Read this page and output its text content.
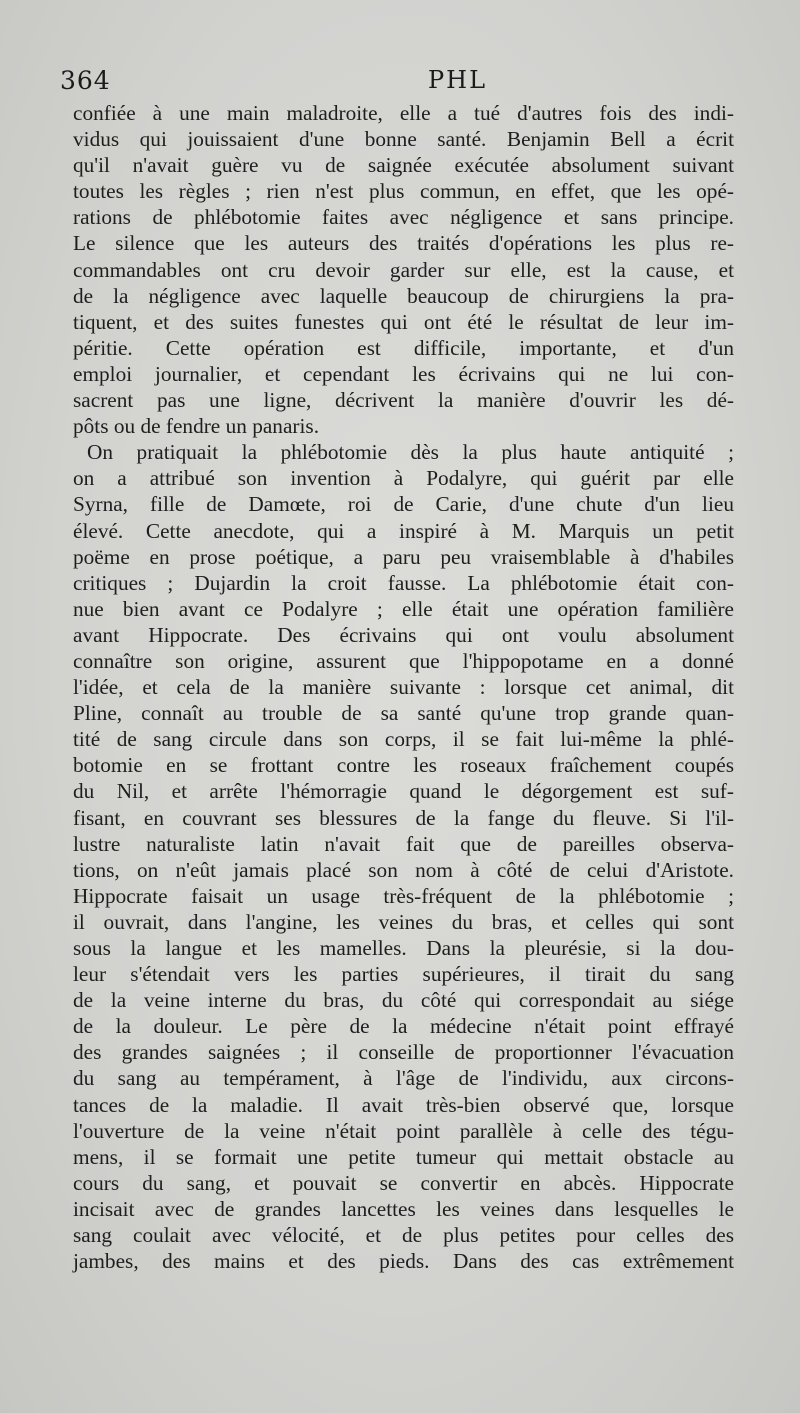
364	PHL
confiée à une main maladroite, elle a tué d'autres fois des indi-
vidus qui jouissaient d'une bonne santé. Benjamin Bell a écrit
qu'il n'avait guère vu de saignée exécutée absolument suivant
toutes les règles ; rien n'est plus commun, en effet, que les opé-
rations de phlébotomie faites avec négligence et sans principe.
Le silence que les auteurs des traités d'opérations les plus re-
commandables ont cru devoir garder sur elle, est la cause, et
de la négligence avec laquelle beaucoup de chirurgiens la pra-
tiquent, et des suites funestes qui ont été le résultat de leur im-
péritie. Cette opération est difficile, importante, et d'un
emploi journalier, et cependant les écrivains qui ne lui con-
sacrent pas une ligne, décrivent la manière d'ouvrir les dé-
pôts ou de fendre un panaris.
On pratiquait la phlébotomie dès la plus haute antiquité ;
on a attribué son invention à Podalyre, qui guérit par elle
Syrna, fille de Damœte, roi de Carie, d'une chute d'un lieu
élevé. Cette anecdote, qui a inspiré à M. Marquis un petit
poëme en prose poétique, a paru peu vraisemblable à d'habiles
critiques ; Dujardin la croit fausse. La phlébotomie était con-
nue bien avant ce Podalyre ; elle était une opération familière
avant Hippocrate. Des écrivains qui ont voulu absolument
connaître son origine, assurent que l'hippopotame en a donné
l'idée, et cela de la manière suivante : lorsque cet animal, dit
Pline, connaît au trouble de sa santé qu'une trop grande quan-
tité de sang circule dans son corps, il se fait lui-même la phlé-
botomie en se frottant contre les roseaux fraîchement coupés
du Nil, et arrête l'hémorragie quand le dégorgement est suf-
fisant, en couvrant ses blessures de la fange du fleuve. Si l'il-
lustre naturaliste latin n'avait fait que de pareilles observa-
tions, on n'eût jamais placé son nom à côté de celui d'Aristote.
Hippocrate faisait un usage très-fréquent de la phlébotomie ;
il ouvrait, dans l'angine, les veines du bras, et celles qui sont
sous la langue et les mamelles. Dans la pleurésie, si la dou-
leur s'étendait vers les parties supérieures, il tirait du sang
de la veine interne du bras, du côté qui correspondait au siége
de la douleur. Le père de la médecine n'était point effrayé
des grandes saignées ; il conseille de proportionner l'évacuation
du sang au tempérament, à l'âge de l'individu, aux circons-
tances de la maladie. Il avait très-bien observé que, lorsque
l'ouverture de la veine n'était point parallèle à celle des tégu-
mens, il se formait une petite tumeur qui mettait obstacle au
cours du sang, et pouvait se convertir en abcès. Hippocrate
incisait avec de grandes lancettes les veines dans lesquelles le
sang coulait avec vélocité, et de plus petites pour celles des
jambes, des mains et des pieds. Dans des cas extrêmement
